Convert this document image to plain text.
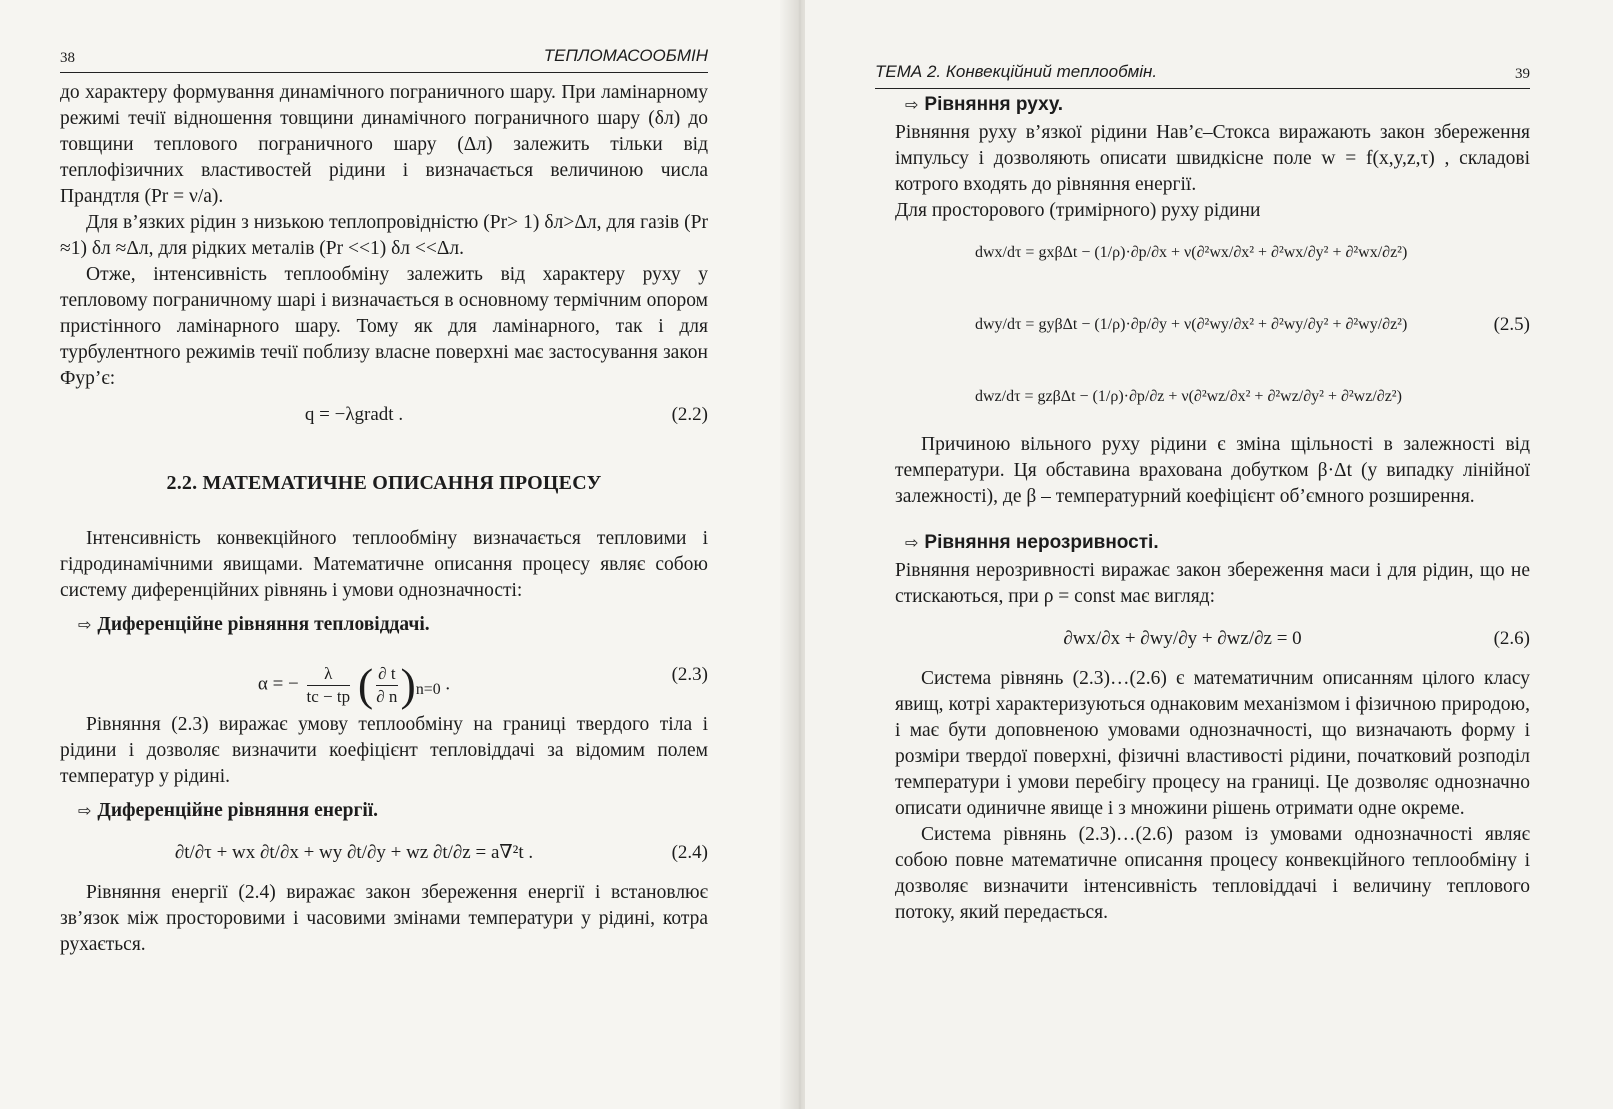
38	ТЕПЛОМАСООБМІН

до характеру формування динамічного пограничного шару. При ламінарному режимі течії відношення товщини динамічного пограничного шару (δл) до товщини теплового пограничного шару (Δл) залежить тільки від теплофізичних властивостей рідини і визначається величиною числа Прандтля (Pr = ν/a).

Для в’язких рідин з низькою теплопровідністю (Pr> 1) δл>Δл, для газів (Pr ≈1) δл ≈Δл, для рідких металів (Pr <<1) δл <<Δл.

Отже, інтенсивність теплообміну залежить від характеру руху у тепловому пограничному шарі і визначається в основному термічним опором пристінного ламінарного шару. Тому як для ламінарного, так і для турбулентного режимів течії поблизу власне поверхні має застосування закон Фур’є:

q = −λgradt .	(2.2)
2.2. МАТЕМАТИЧНЕ ОПИСАННЯ ПРОЦЕСУ

Інтенсивність конвекційного теплообміну визначається тепловими і гідродинамічними явищами. Математичне описання процесу являє собою систему диференційних рівнянь і умови однозначності:

⇨ Диференційне рівняння тепловіддачі.
α = − $\frac{\lambda}{tc - tp}$ ( $\frac{\partial t}{\partial n} )_{n=0}$ .	(2.3)

Рівняння (2.3) виражає умову теплообміну на границі твердого тіла і рідини і дозволяє визначити коефіцієнт тепловіддачі за відомим полем температур у рідині.

⇨ Диференційне рівняння енергії.
∂t/∂τ + wx ∂t/∂x + wy ∂t/∂y + wz ∂t/∂z = a∇²t .	(2.4)

Рівняння енергії (2.4) виражає закон збереження енергії і встановлює зв’язок між просторовими і часовими змінами температури у рідині, котра рухається.

ТЕМА 2. Конвекційний теплообмін.	39
⇨ Рівняння руху.

Рівняння руху в’язкої рідини Нав’є–Стокса виражають закон збереження імпульсу і дозволяють описати швидкісне поле w = f(x,y,z,τ) , складові котрого входять до рівняння енергії.

Для просторового (тримірного) руху рідини

dwx/dτ = gxβΔt − (1/ρ)·∂p/∂x + ν(∂²wx/∂x² + ∂²wx/∂y² + ∂²wx/∂z²)
dwy/dτ = gyβΔt − (1/ρ)·∂p/∂y + ν(∂²wy/∂x² + ∂²wy/∂y² + ∂²wy/∂z²)
dwz/dτ = gzβΔt − (1/ρ)·∂p/∂z + ν(∂²wz/∂x² + ∂²wz/∂y² + ∂²wz/∂z²)
(2.5)

Причиною вільного руху рідини є зміна щільності в залежності від температури. Ця обставина врахована добутком β·Δt (у випадку лінійної залежності), де β – температурний коефіцієнт об’ємного розширення.

⇨ Рівняння нерозривності.

Рівняння нерозривності виражає закон збереження маси і для рідин, що не стискаються, при ρ = const має вигляд:

∂wx/∂x + ∂wy/∂y + ∂wz/∂z = 0	(2.6)

Система рівнянь (2.3)…(2.6) є математичним описанням цілого класу явищ, котрі характеризуються однаковим механізмом і фізичною природою, і має бути доповненою умовами однозначності, що визначають форму і розміри твердої поверхні, фізичні властивості рідини, початковий розподіл температури і умови перебігу процесу на границі. Це дозволяє однозначно описати одиничне явище і з множини рішень отримати одне окреме.

Система рівнянь (2.3)…(2.6) разом із умовами однозначності являє собою повне математичне описання процесу конвекційного теплообміну і дозволяє визначити інтенсивність тепловіддачі і величину теплового потоку, який передається.
